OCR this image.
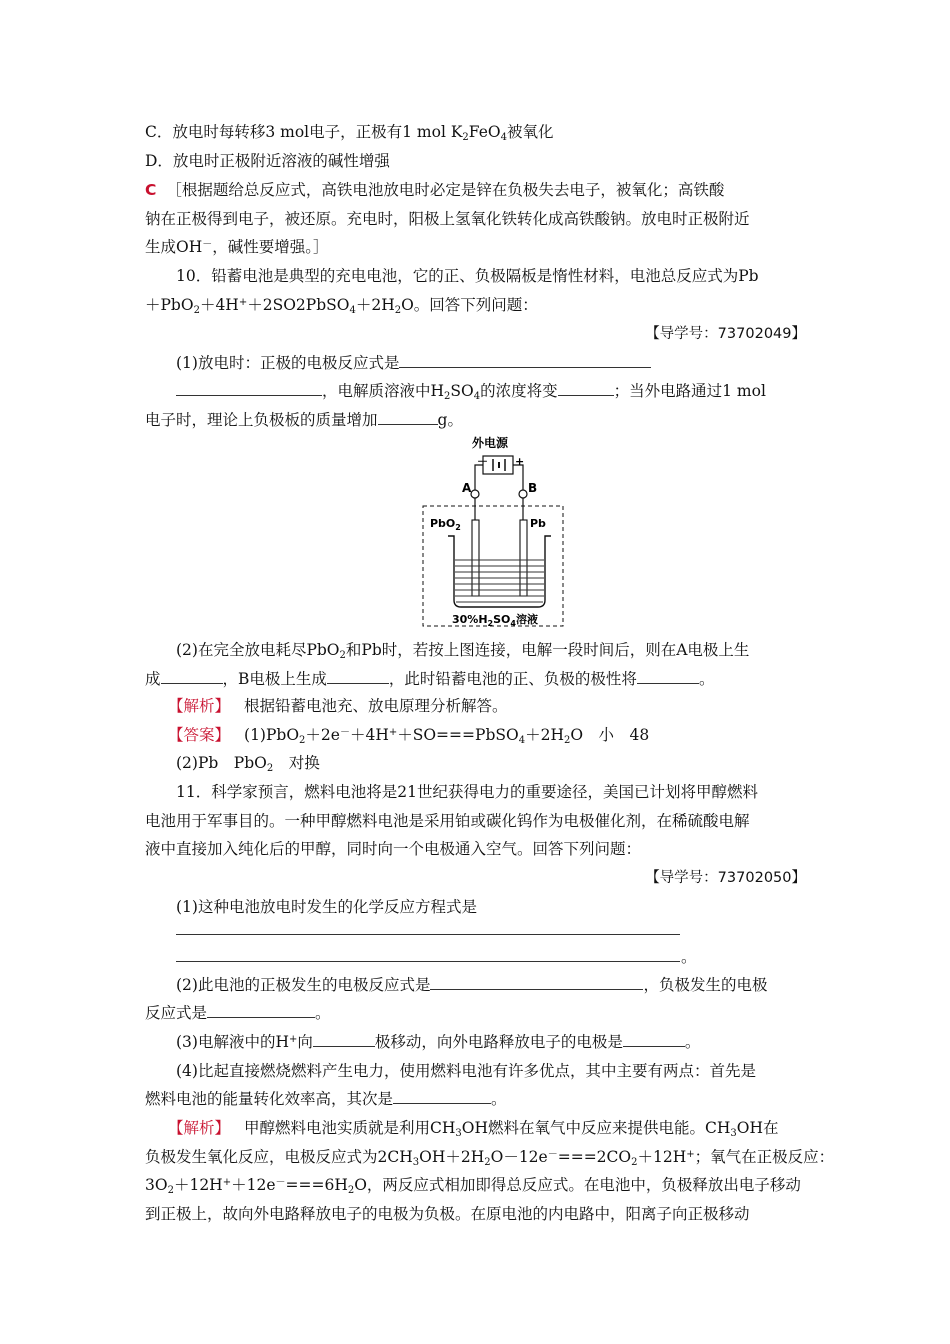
C．放电时每转移3 mol电子，正极有1 mol $K_2FeO_4$被氧化
D．放电时正极附近溶液的碱性增强
C ［根据题给总反应式，高铁电池放电时必定是锌在负极失去电子，被氧化；高铁酸
钠在正极得到电子，被还原。充电时，阳极上氢氧化铁转化成高铁酸钠。放电时正极附近
生成OH－，碱性要增强。］
10．铅蓄电池是典型的充电电池，它的正、负极隔板是惰性材料，电池总反应式为Pb
$+PbO_2+4H^++2SO2PbSO_4+2H_2O$。回答下列问题：
【导学号：73702049】
(1)放电时：正极的电极反应式是
，电解质溶液中$H_2SO_4$的浓度将变	；当外电路通过1 mol
电子时，理论上负极板的质量增加	g。
外电源
－ +
A	B
PbO$_2$	Pb
$30\%H_2SO_4$溶液
(2)在完全放电耗尽PbO$_2$和Pb时，若按上图连接，电解一段时间后，则在A电极上生
成	，B电极上生成	，此时铅蓄电池的正、负极的极性将	。
【解析】 根据铅蓄电池充、放电原理分析解答。
【答案】 $(1)PbO_2+2e^-+4H^++SO===PbSO_4+2H_2O$　小　48
(2)Pb　PbO$_2$　对换
11．科学家预言，燃料电池将是21世纪获得电力的重要途径，美国已计划将甲醇燃料
电池用于军事目的。一种甲醇燃料电池是采用铂或碳化钨作为电极催化剂，在稀硫酸电解
液中直接加入纯化后的甲醇，同时向一个电极通入空气。回答下列问题：
【导学号：73702050】
(1)这种电池放电时发生的化学反应方程式是
。
(2)此电池的正极发生的电极反应式是	，负极发生的电极
反应式是	。
(3)电解液中的H+向	极移动，向外电路释放电子的电极是	。
(4)比起直接燃烧燃料产生电力，使用燃料电池有许多优点，其中主要有两点：首先是
燃料电池的能量转化效率高，其次是	。
【解析】 甲醇燃料电池实质就是利用$CH_3OH$燃料在氧气中反应来提供电能。$CH_3OH$在
负极发生氧化反应，电极反应式为$2CH_3OH+2H_2O-12e^-===2CO_2+12H^+$；氧气在正极反应：
$3O_2+12H^++12e^-===6H_2O$，两反应式相加即得总反应式。在电池中，负极释放出电子移动
到正极上，故向外电路释放电子的电极为负极。在原电池的内电路中，阳离子向正极移动
